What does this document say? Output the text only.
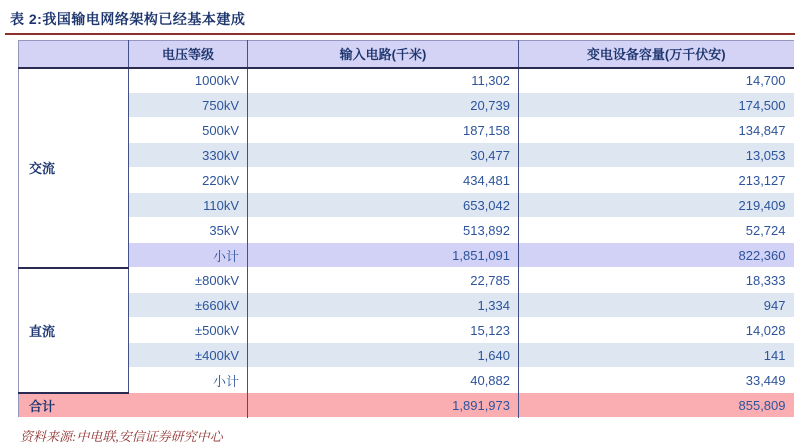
表 2:我国输电网络架构已经基本建成
	电压等级	输入电路(千米)	变电设备容量(万千伏安)
交流	1000kV	11,302	14,700
	750kV	20,739	174,500
	500kV	187,158	134,847
	330kV	30,477	13,053
	220kV	434,481	213,127
	110kV	653,042	219,409
	35kV	513,892	52,724
	小计	1,851,091	822,360
直流	±800kV	22,785	18,333
	±660kV	1,334	947
	±500kV	15,123	14,028
	±400kV	1,640	141
	小计	40,882	33,449
合计		1,891,973	855,809
资料来源:中电联,安信证券研究中心
